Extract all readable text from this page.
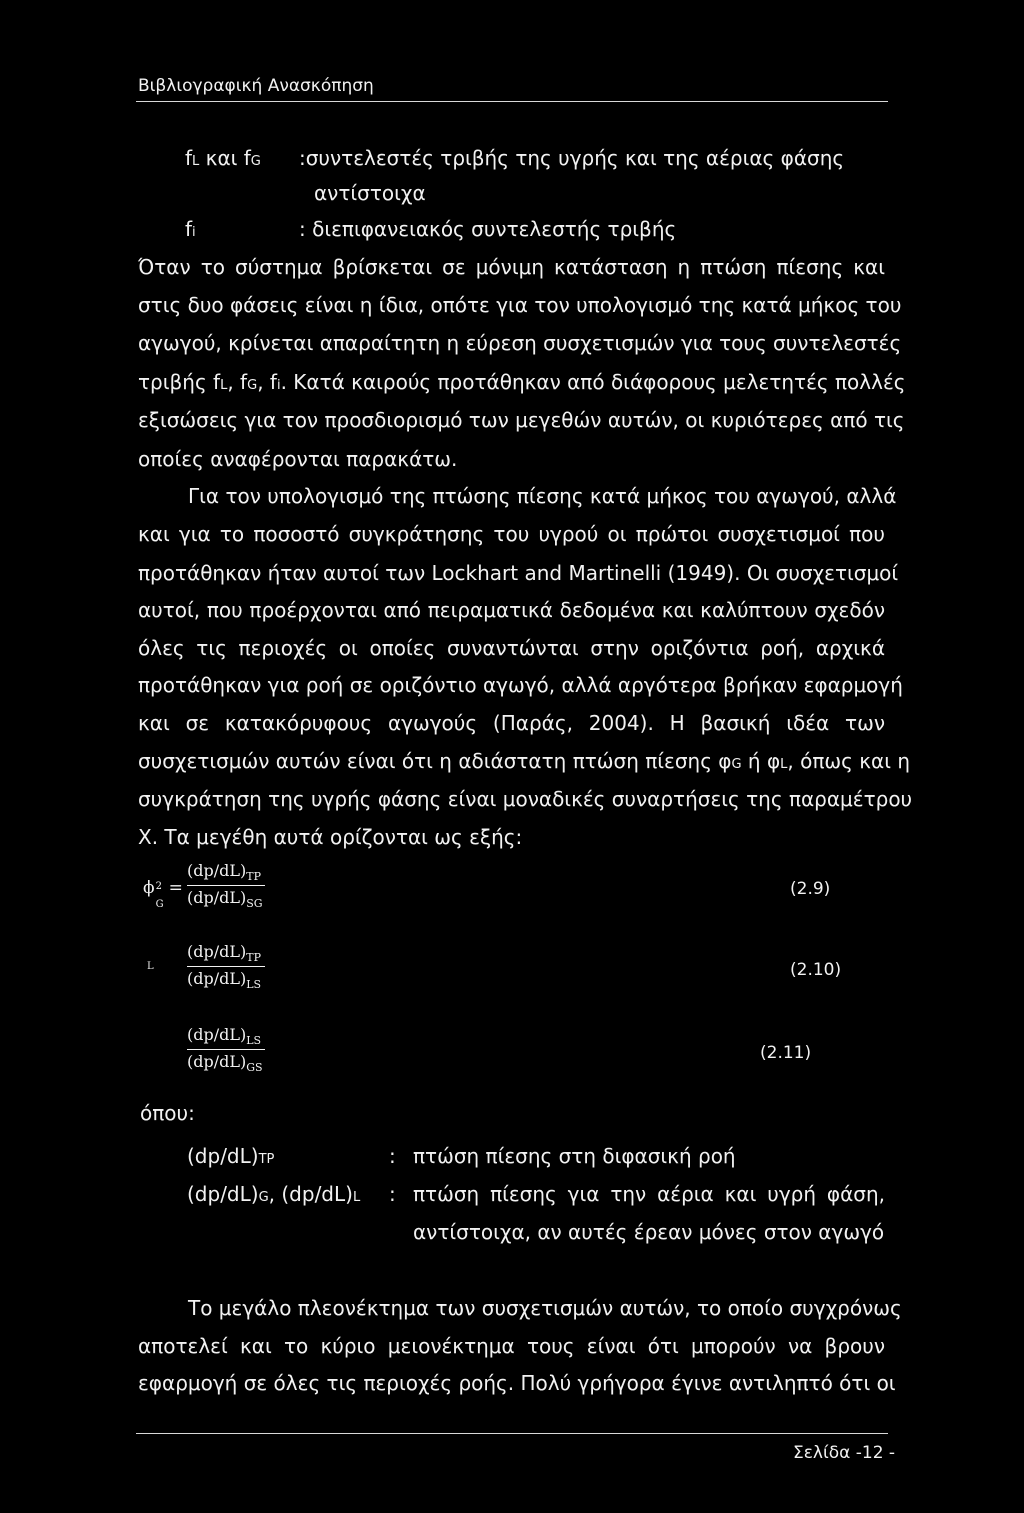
Βιβλιογραφική Ανασκόπηση
fL και fG :συντελεστές τριβής της υγρής και της αέριας φάσης
αντίστοιχα
fi	: διεπιφανειακός συντελεστής τριβής
Όταν το σύστημα βρίσκεται σε μόνιμη κατάσταση η πτώση πίεσης και
στις δυο φάσεις είναι η ίδια, οπότε για τον υπολογισμό της κατά μήκος του
αγωγού, κρίνεται απαραίτητη η εύρεση συσχετισμών για τους συντελεστές
τριβής fL, fG, fi. Κατά καιρούς προτάθηκαν από διάφορους μελετητές πολλές
εξισώσεις για τον προσδιορισμό των μεγεθών αυτών, οι κυριότερες από τις
οποίες αναφέρονται παρακάτω.
Για τον υπολογισμό της πτώσης πίεσης κατά μήκος του αγωγού, αλλά
και για το ποσοστό συγκράτησης του υγρού οι πρώτοι συσχετισμοί που
προτάθηκαν ήταν αυτοί των Lockhart and Martinelli (1949). Οι συσχετισμοί
αυτοί, που προέρχονται από πειραματικά δεδομένα και καλύπτουν σχεδόν
όλες τις περιοχές οι οποίες συναντώνται στην οριζόντια ροή, αρχικά
προτάθηκαν για ροή σε οριζόντιο αγωγό, αλλά αργότερα βρήκαν εφαρμογή
και σε κατακόρυφους αγωγούς (Παράς, 2004). Η βασική ιδέα των
συσχετισμών αυτών είναι ότι η αδιάστατη πτώση πίεσης φG ή φL, όπως και η
συγκράτηση της υγρής φάσης είναι μοναδικές συναρτήσεις της παραμέτρου
X. Τα μεγέθη αυτά ορίζονται ως εξής:
ϕ 2
G
= $\frac{(dp/dL)_{TP}}{(dp/dL)_{SG}}$	(2.9)
L $\frac{(dp/dL)_{TP}}{(dp/dL)_{LS}}$	(2.10)
$\frac{(dp/dL)_{LS}}{(dp/dL)_{GS}}$	(2.11)
όπου:
(dp/dL)TP	: πτώση πίεσης στη διφασική ροή
(dp/dL)G, (dp/dL)L : πτώση πίεσης για την αέρια και υγρή φάση,
αντίστοιχα, αν αυτές έρεαν μόνες στον αγωγό
Το μεγάλο πλεονέκτημα των συσχετισμών αυτών, το οποίο συγχρόνως
αποτελεί και το κύριο μειονέκτημα τους είναι ότι μπορούν να βρουν
εφαρμογή σε όλες τις περιοχές ροής. Πολύ γρήγορα έγινε αντιληπτό ότι οι
Σελίδα -12 -
